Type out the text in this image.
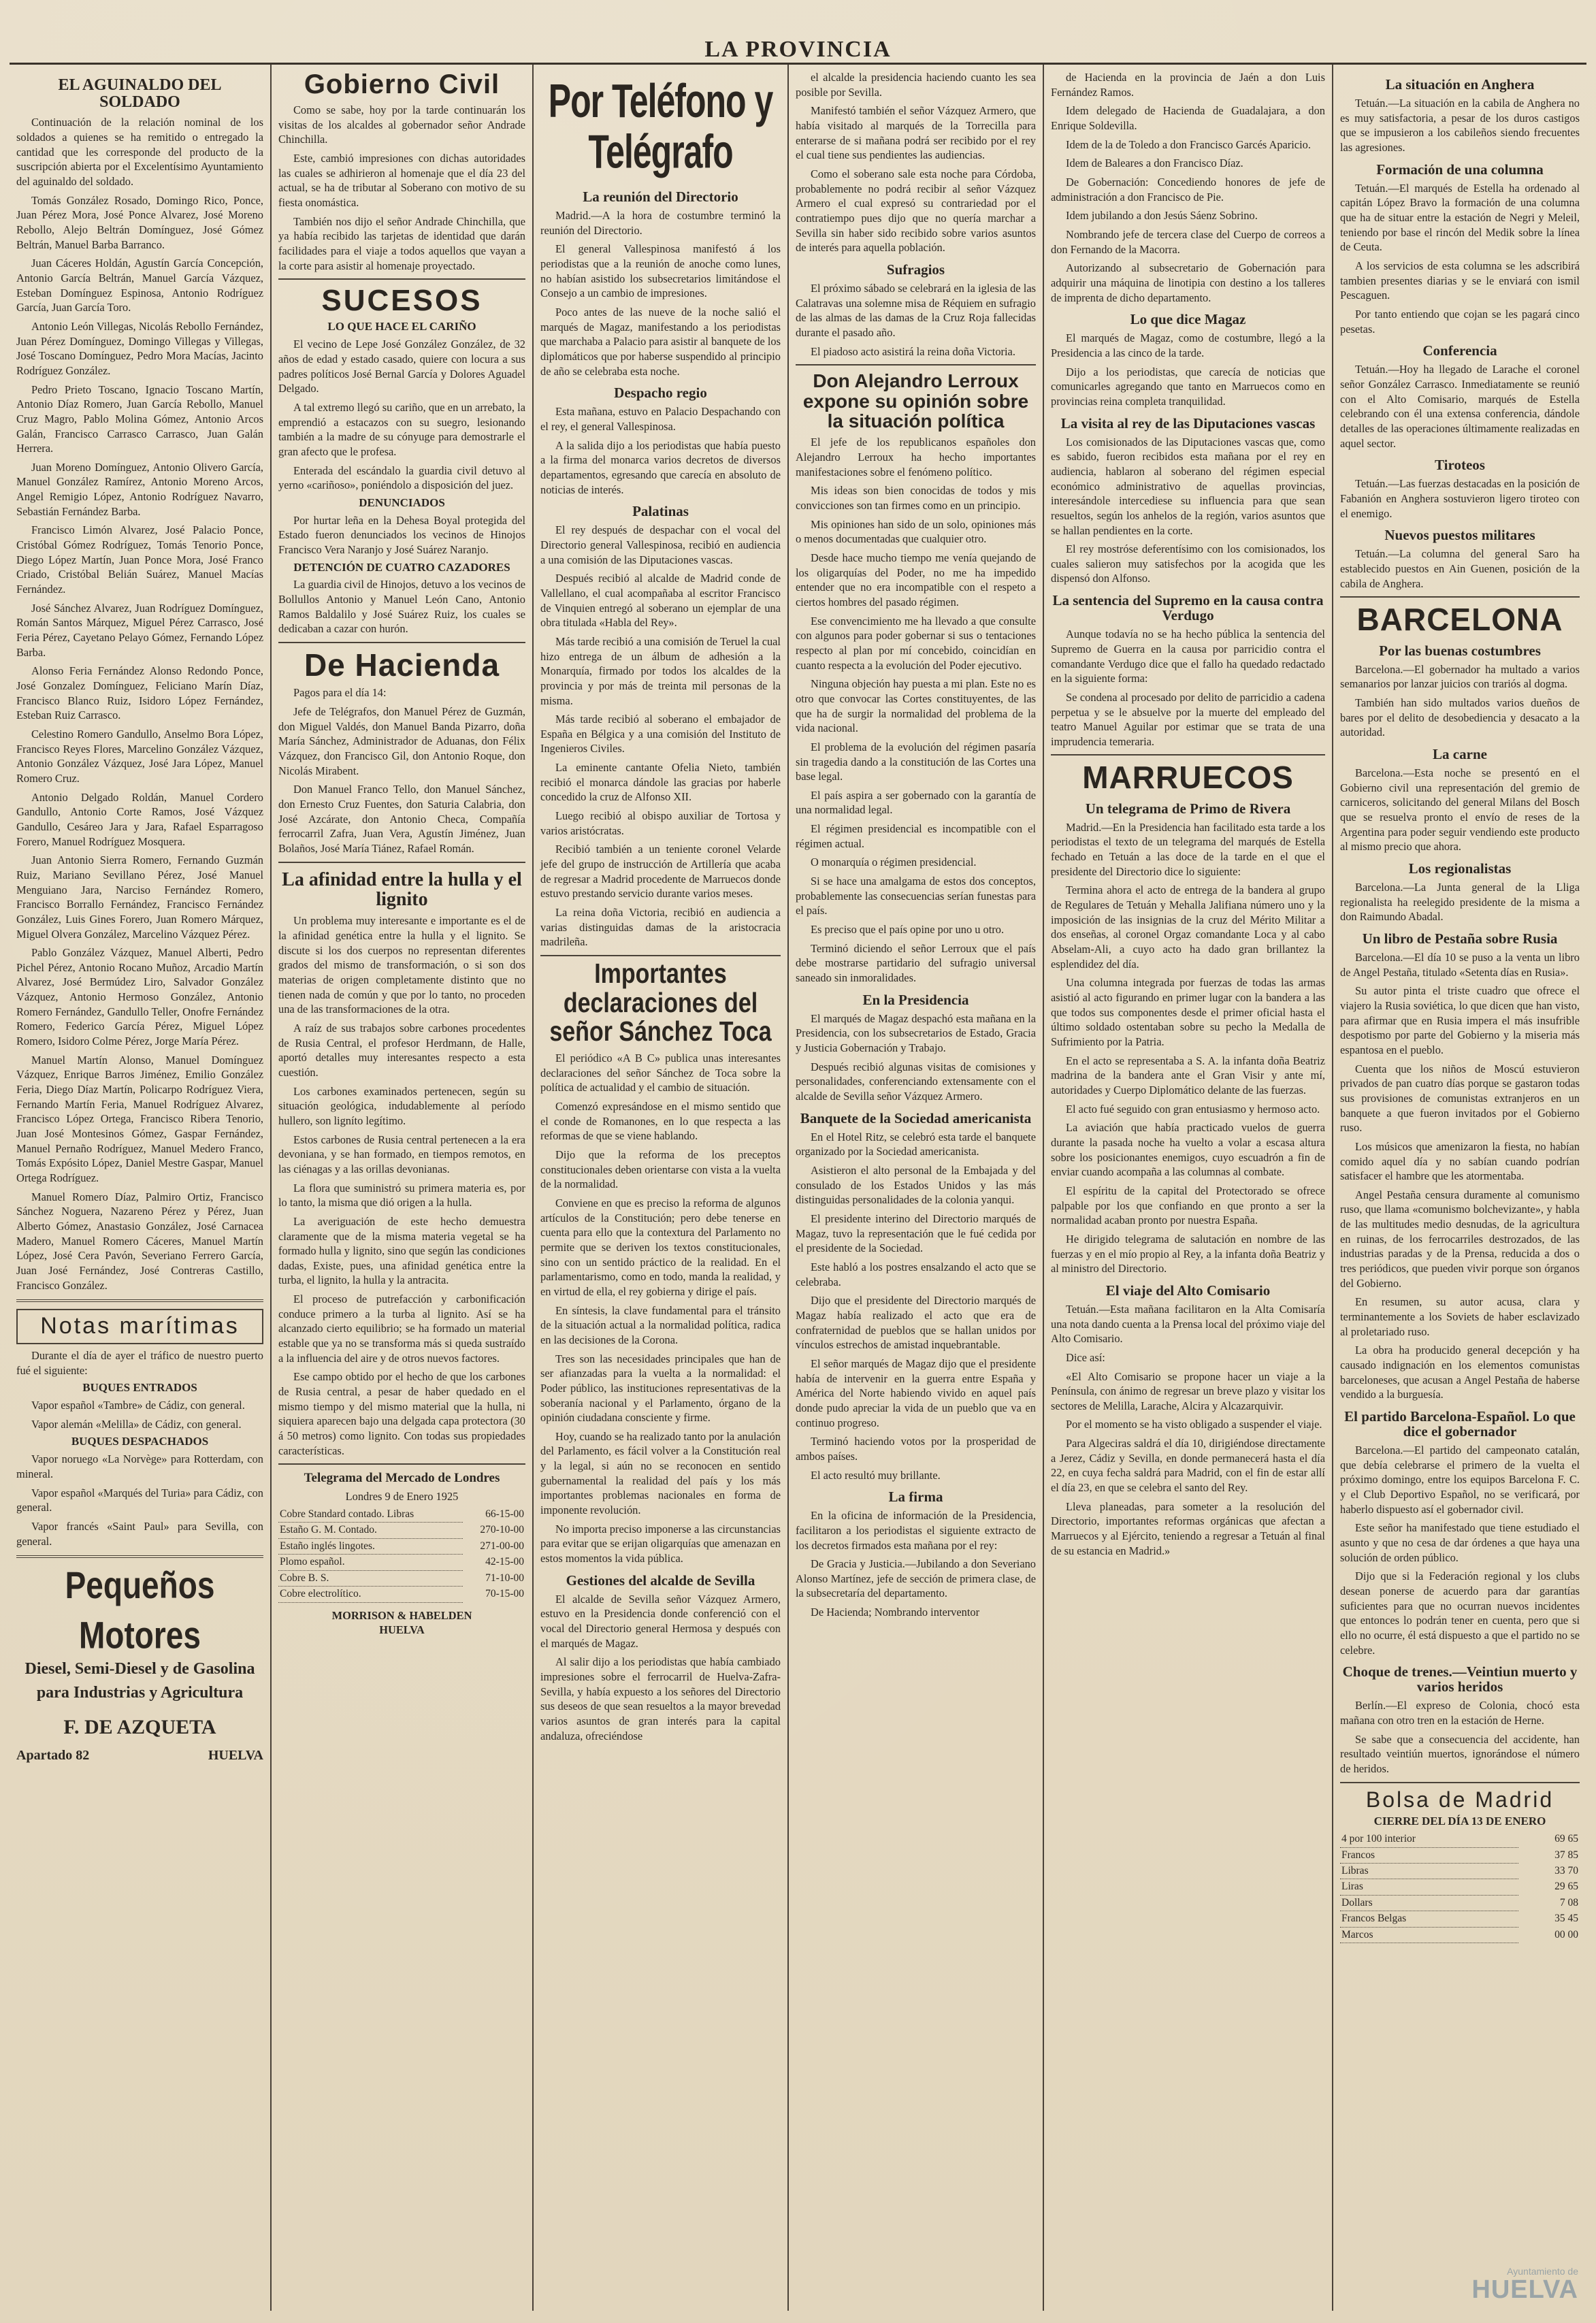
LA PROVINCIA
EL AGUINALDO DEL SOLDADO

Continuación de la relación nominal de los soldados a quienes se ha remitido o entregado la cantidad que les corresponde del producto de la suscripción abierta por el Excelentísimo Ayuntamiento del aguinaldo del soldado.

Tomás González Rosado, Domingo Rico, Ponce, Juan Pérez Mora, José Ponce Alvarez, José Moreno Rebollo, Alejo Beltrán Domínguez, José Gómez Beltrán, Manuel Barba Barranco.

Juan Cáceres Holdán, Agustín García Concepción, Antonio García Beltrán, Manuel García Vázquez, Esteban Domínguez Espinosa, Antonio Rodríguez García, Juan García Toro.

Antonio León Villegas, Nicolás Rebollo Fernández, Juan Pérez Domínguez, Domingo Villegas y Villegas, José Toscano Domínguez, Pedro Mora Macías, Jacinto Rodríguez González.

Pedro Prieto Toscano, Ignacio Toscano Martín, Antonio Díaz Romero, Juan García Rebollo, Manuel Cruz Magro, Pablo Molina Gómez, Antonio Arcos Galán, Francisco Carrasco Carrasco, Juan Galán Herrera.

Juan Moreno Domínguez, Antonio Olivero García, Manuel González Ramírez, Antonio Moreno Arcos, Angel Remigio López, Antonio Rodríguez Navarro, Sebastián Fernández Barba.

Francisco Limón Alvarez, José Palacio Ponce, Cristóbal Gómez Rodríguez, Tomás Tenorio Ponce, Diego López Martín, Juan Ponce Mora, José Franco Criado, Cristóbal Belián Suárez, Manuel Macías Fernández.

José Sánchez Alvarez, Juan Rodríguez Domínguez, Román Santos Márquez, Miguel Pérez Carrasco, José Feria Pérez, Cayetano Pelayo Gómez, Fernando López Barba.

Alonso Feria Fernández Alonso Redondo Ponce, José Gonzalez Domínguez, Feliciano Marín Díaz, Francisco Blanco Ruiz, Isidoro López Fernández, Esteban Ruiz Carrasco.

Celestino Romero Gandullo, Anselmo Bora López, Francisco Reyes Flores, Marcelino González Vázquez, Antonio González Vázquez, José Jara López, Manuel Romero Cruz.

Antonio Delgado Roldán, Manuel Cordero Gandullo, Antonio Corte Ramos, José Vázquez Gandullo, Cesáreo Jara y Jara, Rafael Esparragoso Forero, Manuel Rodríguez Mosquera.

Juan Antonio Sierra Romero, Fernando Guzmán Ruiz, Mariano Sevillano Pérez, José Manuel Menguiano Jara, Narciso Fernández Romero, Francisco Borrallo Fernández, Francisco Fernández González, Luis Gines Forero, Juan Romero Márquez, Miguel Olvera González, Marcelino Vázquez Pérez.

Pablo González Vázquez, Manuel Alberti, Pedro Pichel Pérez, Antonio Rocano Muñoz, Arcadio Martín Alvarez, José Bermúdez Liro, Salvador González Vázquez, Antonio Hermoso González, Antonio Romero Fernández, Gandullo Teller, Onofre Fernández Romero, Federico García Pérez, Miguel López Romero, Isidoro Colme Pérez, Jorge María Pérez.

Manuel Martín Alonso, Manuel Domínguez Vázquez, Enrique Barros Jiménez, Emilio González Feria, Diego Díaz Martín, Policarpo Rodríguez Viera, Fernando Martín Feria, Manuel Rodríguez Alvarez, Francisco López Ortega, Francisco Ribera Tenorio, Juan José Montesinos Gómez, Gaspar Fernández, Manuel Pernaño Rodríguez, Manuel Medero Franco, Tomás Expósito López, Daniel Mestre Gaspar, Manuel Ortega Rodríguez.

Manuel Romero Díaz, Palmiro Ortiz, Francisco Sánchez Noguera, Nazareno Pérez y Pérez, Juan Alberto Gómez, Anastasio González, José Carnacea Madero, Manuel Romero Cáceres, Manuel Martín López, José Cera Pavón, Severiano Ferrero García, Juan José Fernández, José Contreras Castillo, Francisco González.

Notas marítimas

Durante el día de ayer el tráfico de nuestro puerto fué el siguiente:

BUQUES ENTRADOS

Vapor español «Tambre» de Cádiz, con general.

Vapor alemán «Melilla» de Cádiz, con general.

BUQUES DESPACHADOS

Vapor noruego «La Norvège» para Rotterdam, con mineral.

Vapor español «Marqués del Turia» para Cádiz, con general.

Vapor francés «Saint Paul» para Sevilla, con general.

Pequeños Motores
Diesel, Semi-Diesel y de Gasolina
para Industrias y Agricultura
F. DE AZQUETA
Apartado 82	HUELVA
Gobierno Civil

Como se sabe, hoy por la tarde continuarán los visitas de los alcaldes al gobernador señor Andrade Chinchilla.

Este, cambió impresiones con dichas autoridades las cuales se adhirieron al homenaje que el día 23 del actual, se ha de tributar al Soberano con motivo de su fiesta onomástica.

También nos dijo el señor Andrade Chinchilla, que ya había recibido las tarjetas de identidad que darán facilidades para el viaje a todos aquellos que vayan a la corte para asistir al homenaje proyectado.

SUCESOS
LO QUE HACE EL CARIÑO

El vecino de Lepe José González González, de 32 años de edad y estado casado, quiere con locura a sus padres políticos José Bernal García y Dolores Aguadel Delgado.

A tal extremo llegó su cariño, que en un arrebato, la emprendió a estacazos con su suegro, lesionando también a la madre de su cónyuge para demostrarle el gran afecto que le profesa.

Enterada del escándalo la guardia civil detuvo al yerno «cariñoso», poniéndolo a disposición del juez.

DENUNCIADOS

Por hurtar leña en la Dehesa Boyal protegida del Estado fueron denunciados los vecinos de Hinojos Francisco Vera Naranjo y José Suárez Naranjo.

DETENCIÓN DE CUATRO CAZADORES

La guardia civil de Hinojos, detuvo a los vecinos de Bollullos Antonio y Manuel León Cano, Antonio Ramos Baldalilo y José Suárez Ruiz, los cuales se dedicaban a cazar con hurón.

De Hacienda

Pagos para el día 14:

Jefe de Telégrafos, don Manuel Pérez de Guzmán, don Miguel Valdés, don Manuel Banda Pizarro, doña María Sánchez, Administrador de Aduanas, don Félix Vázquez, don Francisco Gil, don Antonio Roque, don Nicolás Mirabent.

Don Manuel Franco Tello, don Manuel Sánchez, don Ernesto Cruz Fuentes, don Saturia Calabria, don José Azcárate, don Antonio Checa, Compañía ferrocarril Zafra, Juan Vera, Agustín Jiménez, Juan Bolaños, José María Tiánez, Rafael Román.

La afinidad entre la hulla y el lignito

Un problema muy interesante e importante es el de la afinidad genética entre la hulla y el lignito. Se discute si los dos cuerpos no representan diferentes grados del mismo de transformación, o si son dos materias de origen completamente distinto que no tienen nada de común y que por lo tanto, no proceden una de las transformaciones de la otra.

A raíz de sus trabajos sobre carbones procedentes de Rusia Central, el profesor Herdmann, de Halle, aportó detalles muy interesantes respecto a esta cuestión.

Los carbones examinados pertenecen, según su situación geológica, indudablemente al período hullero, son ligníto legítimo.

Estos carbones de Rusia central pertenecen a la era devoniana, y se han formado, en tiempos remotos, en las ciénagas y a las orillas devonianas.

La flora que suministró su primera materia es, por lo tanto, la misma que dió origen a la hulla.

La averiguación de este hecho demuestra claramente que de la misma materia vegetal se ha formado hulla y lignito, sino que según las condiciones dadas, Existe, pues, una afinidad genética entre la turba, el lignito, la hulla y la antracita.

El proceso de putrefacción y carbonificación conduce primero a la turba al lignito. Así se ha alcanzado cierto equilibrio; se ha formado un material estable que ya no se transforma más si queda sustraído a la influencia del aire y de otros nuevos factores.

Ese campo obtido por el hecho de que los carbones de Rusia central, a pesar de haber quedado en el mismo tiempo y del mismo material que la hulla, ni siquiera aparecen bajo una delgada capa protectora (30 á 50 metros) como lignito. Con todas sus propiedades características.

Telegrama del Mercado de Londres
Londres 9 de Enero 1925
Cobre Standard contado. Libras	66-15-00
Estaño G. M. Contado.	270-10-00
Estaño inglés lingotes.	271-00-00
Plomo español.	42-15-00
Cobre B. S.	71-10-00
Cobre electrolítico.	70-15-00
MORRISON & HABELDEN
HUELVA
Por Teléfono y Telégrafo
La reunión del Directorio

Madrid.—A la hora de costumbre terminó la reunión del Directorio.

El general Vallespinosa manifestó á los periodistas que a la reunión de anoche como lunes, no habían asistido los subsecretarios limitándose el Consejo a un cambio de impresiones.

Poco antes de las nueve de la noche salió el marqués de Magaz, manifestando a los periodistas que marchaba a Palacio para asistir al banquete de los diplomáticos que por haberse suspendido al principio de año se celebraba esta noche.

Despacho regio

Esta mañana, estuvo en Palacio Despachando con el rey, el general Vallespinosa.

A la salida dijo a los periodistas que había puesto a la firma del monarca varios decretos de diversos departamentos, egresando que carecía en absoluto de noticias de interés.

Palatinas

El rey después de despachar con el vocal del Directorio general Vallespinosa, recibió en audiencia a una comisión de las Diputaciones vascas.

Después recibió al alcalde de Madrid conde de Vallellano, el cual acompañaba al escritor Francisco de Vinquien entregó al soberano un ejemplar de una obra titulada «Habla del Rey».

Más tarde recibió a una comisión de Teruel la cual hizo entrega de un álbum de adhesión a la Monarquía, firmado por todos los alcaldes de la provincia y por más de treinta mil personas de la misma.

Más tarde recibió al soberano el embajador de España en Bélgica y a una comisión del Instituto de Ingenieros Civiles.

La eminente cantante Ofelia Nieto, también recibió el monarca dándole las gracias por haberle concedido la cruz de Alfonso XII.

Luego recibió al obispo auxiliar de Tortosa y varios aristócratas.

Recibió también a un teniente coronel Velarde jefe del grupo de instrucción de Artillería que acaba de regresar a Madrid procedente de Marruecos donde estuvo prestando servicio durante varios meses.

La reina doña Victoria, recibió en audiencia a varias distinguidas damas de la aristocracia madrileña.

Importantes declaraciones del señor Sánchez Toca

El periódico «A B C» publica unas interesantes declaraciones del señor Sánchez de Toca sobre la política de actualidad y el cambio de situación.

Comenzó expresándose en el mismo sentido que el conde de Romanones, en lo que respecta a las reformas de que se viene hablando.

Dijo que la reforma de los preceptos constitucionales deben orientarse con vista a la vuelta de la normalidad.

Conviene en que es preciso la reforma de algunos artículos de la Constitución; pero debe tenerse en cuenta para ello que la contextura del Parlamento no permite que se deriven los textos constitucionales, sino con un sentido práctico de la realidad. En el parlamentarismo, como en todo, manda la realidad, y en virtud de ella, el rey gobierna y dirige el país.

En síntesis, la clave fundamental para el tránsito de la situación actual a la normalidad política, radica en las decisiones de la Corona.

Tres son las necesidades principales que han de ser afianzadas para la vuelta a la normalidad: el Poder público, las instituciones representativas de la soberanía nacional y el Parlamento, órgano de la opinión ciudadana consciente y firme.

Hoy, cuando se ha realizado tanto por la anulación del Parlamento, es fácil volver a la Constitución real y la legal, si aún no se reconocen en sentido gubernamental la realidad del país y los más importantes problemas nacionales en forma de imponente revolución.

No importa preciso imponerse a las circunstancias para evitar que se erijan oligarquías que amenazan en estos momentos la vida pública.

Gestiones del alcalde de Sevilla

El alcalde de Sevilla señor Vázquez Armero, estuvo en la Presidencia donde conferenció con el vocal del Directorio general Hermosa y después con el marqués de Magaz.

Al salir dijo a los periodistas que había cambiado impresiones sobre el ferrocarril de Huelva-Zafra-Sevilla, y había expuesto a los señores del Directorio sus deseos de que sean resueltos a la mayor brevedad varios asuntos de gran interés para la capital andaluza, ofreciéndose

el alcalde la presidencia haciendo cuanto les sea posible por Sevilla.

Manifestó también el señor Vázquez Armero, que había visitado al marqués de la Torrecilla para enterarse de si mañana podrá ser recibido por el rey el cual tiene sus pendientes las audiencias.

Como el soberano sale esta noche para Córdoba, probablemente no podrá recibir al señor Vázquez Armero el cual expresó su contrariedad por el contratiempo pues dijo que no quería marchar a Sevilla sin haber sido recibido sobre varios asuntos de interés para aquella población.

Sufragios

El próximo sábado se celebrará en la iglesia de las Calatravas una solemne misa de Réquiem en sufragio de las almas de las damas de la Cruz Roja fallecidas durante el pasado año.

El piadoso acto asistirá la reina doña Victoria.

Don Alejandro Lerroux expone su opinión sobre la situación política

El jefe de los republicanos españoles don Alejandro Lerroux ha hecho importantes manifestaciones sobre el fenómeno político.

Mis ideas son bien conocidas de todos y mis convicciones son tan firmes como en un principio.

Mis opiniones han sido de un solo, opiniones más o menos documentadas que cualquier otro.

Desde hace mucho tiempo me venía quejando de los oligarquías del Poder, no me ha impedido entender que no era incompatible con el respeto a ciertos hombres del pasado régimen.

Ese convencimiento me ha llevado a que consulte con algunos para poder gobernar si sus o tentaciones respecto al plan por mí concebido, coincidían en cuanto respecta a la evolución del Poder ejecutivo.

Ninguna objeción hay puesta a mi plan. Este no es otro que convocar las Cortes constituyentes, de las que ha de surgir la normalidad del problema de la vida nacional.

El problema de la evolución del régimen pasaría sin tragedia dando a la constitución de las Cortes una base legal.

El país aspira a ser gobernado con la garantía de una normalidad legal.

El régimen presidencial es incompatible con el régimen actual.

O monarquía o régimen presidencial.

Si se hace una amalgama de estos dos conceptos, probablemente las consecuencias serían funestas para el país.

Es preciso que el país opine por uno u otro.

Terminó diciendo el señor Lerroux que el país debe mostrarse partidario del sufragio universal saneado sin inmoralidades.

En la Presidencia

El marqués de Magaz despachó esta mañana en la Presidencia, con los subsecretarios de Estado, Gracia y Justicia Gobernación y Trabajo.

Después recibió algunas visitas de comisiones y personalidades, conferenciando extensamente con el alcalde de Sevilla señor Vázquez Armero.

Banquete de la Sociedad americanista

En el Hotel Ritz, se celebró esta tarde el banquete organizado por la Sociedad americanista.

Asistieron el alto personal de la Embajada y del consulado de los Estados Unidos y las más distinguidas personalidades de la colonia yanqui.

El presidente interino del Directorio marqués de Magaz, tuvo la representación que le fué cedida por el presidente de la Sociedad.

Este habló a los postres ensalzando el acto que se celebraba.

Dijo que el presidente del Directorio marqués de Magaz había realizado el acto que era de confraternidad de pueblos que se hallan unidos por vínculos estrechos de amistad inquebrantable.

El señor marqués de Magaz dijo que el presidente había de intervenir en la guerra entre España y América del Norte habiendo vivido en aquel país donde pudo apreciar la vida de un pueblo que va en continuo progreso.

Terminó haciendo votos por la prosperidad de ambos países.

El acto resultó muy brillante.

La firma

En la oficina de información de la Presidencia, facilitaron a los periodistas el siguiente extracto de los decretos firmados esta mañana por el rey:

De Gracia y Justicia.—Jubilando a don Severiano Alonso Martínez, jefe de sección de primera clase, de la subsecretaría del departamento.

De Hacienda; Nombrando interventor

de Hacienda en la provincia de Jaén a don Luis Fernández Ramos.

Idem delegado de Hacienda de Guadalajara, a don Enrique Soldevilla.

Idem de la de Toledo a don Francisco Garcés Aparicio.

Idem de Baleares a don Francisco Díaz.

De Gobernación: Concediendo honores de jefe de administración a don Francisco de Pie.

Idem jubilando a don Jesús Sáenz Sobrino.

Nombrando jefe de tercera clase del Cuerpo de correos a don Fernando de la Macorra.

Autorizando al subsecretario de Gobernación para adquirir una máquina de linotipia con destino a los talleres de imprenta de dicho departamento.

Lo que dice Magaz

El marqués de Magaz, como de costumbre, llegó a la Presidencia a las cinco de la tarde.

Dijo a los periodistas, que carecía de noticias que comunicarles agregando que tanto en Marruecos como en provincias reina completa tranquilidad.

La visita al rey de las Diputaciones vascas

Los comisionados de las Diputaciones vascas que, como es sabido, fueron recibidos esta mañana por el rey en audiencia, hablaron al soberano del régimen especial económico administrativo de aquellas provincias, interesándole intercediese su influencia para que sean resueltos, según los anhelos de la región, varios asuntos que se hallan pendientes en la corte.

El rey mostróse deferentísimo con los comisionados, los cuales salieron muy satisfechos por la acogida que les dispensó don Alfonso.

La sentencia del Supremo en la causa contra Verdugo

Aunque todavía no se ha hecho pública la sentencia del Supremo de Guerra en la causa por parricidio contra el comandante Verdugo dice que el fallo ha quedado redactado en la siguiente forma:

Se condena al procesado por delito de parricidio a cadena perpetua y se le absuelve por la muerte del empleado del teatro Manuel Aguilar por estimar que se trata de una imprudencia temeraria.

MARRUECOS
Un telegrama de Primo de Rivera

Madrid.—En la Presidencia han facilitado esta tarde a los periodistas el texto de un telegrama del marqués de Estella fechado en Tetuán a las doce de la tarde en el que el presidente del Directorio dice lo siguiente:

Termina ahora el acto de entrega de la bandera al grupo de Regulares de Tetuán y Mehalla Jalifiana número uno y la imposición de las insignias de la cruz del Mérito Militar a dos enseñas, al coronel Orgaz comandante Loca y al cabo Abselam-Ali, a cuyo acto ha dado gran brillantez la esplendidez del día.

Una columna integrada por fuerzas de todas las armas asistió al acto figurando en primer lugar con la bandera a las que todos sus componentes desde el primer oficial hasta el último soldado ostentaban sobre su pecho la Medalla de Sufrimiento por la Patria.

En el acto se representaba a S. A. la infanta doña Beatriz madrina de la bandera ante el Gran Visir y ante mí, autoridades y Cuerpo Diplomático delante de las fuerzas.

El acto fué seguido con gran entusiasmo y hermoso acto.

La aviación que había practicado vuelos de guerra durante la pasada noche ha vuelto a volar a escasa altura sobre los posicionantes enemigos, cuyo escuadrón a fin de enviar cuando acompaña a las columnas al combate.

El espíritu de la capital del Protectorado se ofrece palpable por los que confiando en que pronto a ser la normalidad acaban pronto por nuestra España.

He dirigido telegrama de salutación en nombre de las fuerzas y en el mío propio al Rey, a la infanta doña Beatriz y al ministro del Directorio.

El viaje del Alto Comisario

Tetuán.—Esta mañana facilitaron en la Alta Comisaría una nota dando cuenta a la Prensa local del próximo viaje del Alto Comisario.

Dice así:

«El Alto Comisario se propone hacer un viaje a la Península, con ánimo de regresar un breve plazo y visitar los sectores de Melilla, Larache, Alcira y Alcazarquivir.

Por el momento se ha visto obligado a suspender el viaje.

Para Algeciras saldrá el día 10, dirigiéndose directamente a Jerez, Cádiz y Sevilla, en donde permanecerá hasta el día 22, en cuya fecha saldrá para Madrid, con el fin de estar allí el día 23, en que se celebra el santo del Rey.

Lleva planeadas, para someter a la resolución del Directorio, importantes reformas orgánicas que afectan a Marruecos y al Ejército, teniendo a regresar a Tetuán al final de su estancia en Madrid.»

La situación en Anghera

Tetuán.—La situación en la cabila de Anghera no es muy satisfactoria, a pesar de los duros castigos que se impusieron a los cabileños siendo frecuentes las agresiones.

Formación de una columna

Tetuán.—El marqués de Estella ha ordenado al capitán López Bravo la formación de una columna que ha de situar entre la estación de Negri y Meleil, teniendo por base el rincón del Medik sobre la línea de Ceuta.

A los servicios de esta columna se les adscribirá tambien presentes diarias y se le enviará con ismil Pescaguen.

Por tanto entiendo que cojan se les pagará cinco pesetas.

Conferencia

Tetuán.—Hoy ha llegado de Larache el coronel señor González Carrasco. Inmediatamente se reunió con el Alto Comisario, marqués de Estella celebrando con él una extensa conferencia, dándole detalles de las operaciones últimamente realizadas en aquel sector.

Tiroteos

Tetuán.—Las fuerzas destacadas en la posición de Fabanión en Anghera sostuvieron ligero tiroteo con el enemigo.

Nuevos puestos militares

Tetuán.—La columna del general Saro ha establecido puestos en Ain Guenen, posición de la cabila de Anghera.

BARCELONA
Por las buenas costumbres

Barcelona.—El gobernador ha multado a varios semanarios por lanzar juicios con trariós al dogma.

También han sido multados varios dueños de bares por el delito de desobediencia y desacato a la autoridad.

La carne

Barcelona.—Esta noche se presentó en el Gobierno civil una representación del gremio de carniceros, solicitando del general Milans del Bosch que se resuelva pronto el envío de reses de la Argentina para poder seguir vendiendo este producto al mismo precio que ahora.

Los regionalistas

Barcelona.—La Junta general de la Lliga regionalista ha reelegido presidente de la misma a don Raimundo Abadal.

Un libro de Pestaña sobre Rusia

Barcelona.—El día 10 se puso a la venta un libro de Angel Pestaña, titulado «Setenta días en Rusia».

Su autor pinta el triste cuadro que ofrece el viajero la Rusia soviética, lo que dicen que han visto, para afirmar que en Rusia impera el más insufrible despotismo por parte del Gobierno y la miseria más espantosa en el pueblo.

Cuenta que los niños de Moscú estuvieron privados de pan cuatro días porque se gastaron todas sus provisiones de comunistas extranjeros en un banquete a que fueron invitados por el Gobierno ruso.

Los músicos que amenizaron la fiesta, no habían comido aquel día y no sabían cuando podrían satisfacer el hambre que les atormentaba.

Angel Pestaña censura duramente al comunismo ruso, que llama «comunismo bolchevizante», y habla de las multitudes medio desnudas, de la agricultura en ruinas, de los ferrocarriles destrozados, de las industrias paradas y de la Prensa, reducida a dos o tres periódicos, que pueden vivir porque son órganos del Gobierno.

En resumen, su autor acusa, clara y terminantemente a los Soviets de haber esclavizado al proletariado ruso.

La obra ha producido general decepción y ha causado indignación en los elementos comunistas barceloneses, que acusan a Angel Pestaña de haberse vendido a la burguesía.

El partido Barcelona-Español. Lo que dice el gobernador

Barcelona.—El partido del campeonato catalán, que debía celebrarse el primero de la vuelta el próximo domingo, entre los equipos Barcelona F. C. y el Club Deportivo Español, no se verificará, por haberlo dispuesto así el gobernador civil.

Este señor ha manifestado que tiene estudiado el asunto y que no cesa de dar órdenes a que haya una solución de orden público.

Dijo que si la Federación regional y los clubs desean ponerse de acuerdo para dar garantías suficientes para que no ocurran nuevos incidentes que entonces lo podrán tener en cuenta, pero que si ello no ocurre, él está dispuesto a que el partido no se celebre.

Choque de trenes.—Veintiun muerto y varios heridos

Berlín.—El expreso de Colonia, chocó esta mañana con otro tren en la estación de Herne.

Se sabe que a consecuencia del accidente, han resultado veintiún muertos, ignorándose el número de heridos.

Bolsa de Madrid
CIERRE DEL DÍA 13 DE ENERO
4 por 100 interior	69 65
Francos	37 85
Libras	33 70
Liras	29 65
Dollars	7 08
Francos Belgas	35 45
Marcos	00 00
Ayuntamiento de
HUELVA
